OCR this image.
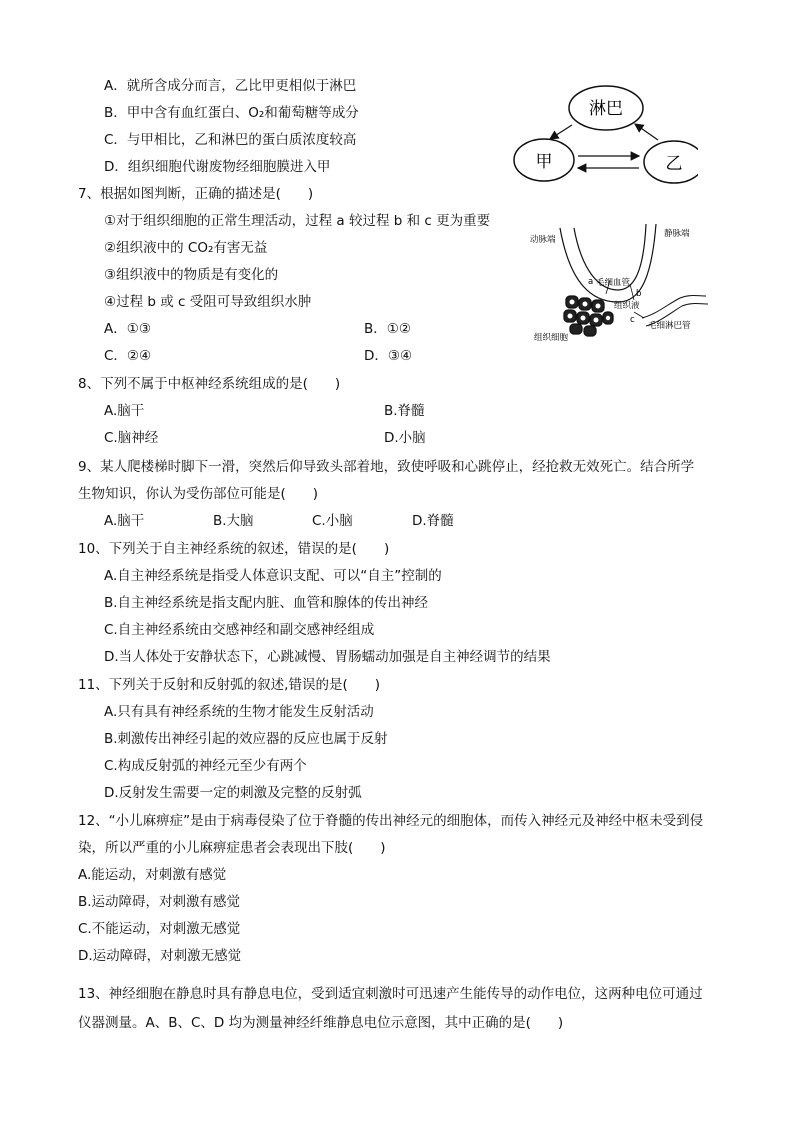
A．就所含成分而言，乙比甲更相似于淋巴
B．甲中含有血红蛋白、O₂和葡萄糖等成分
C．与甲相比，乙和淋巴的蛋白质浓度较高
D．组织细胞代谢废物经细胞膜进入甲
淋巴
甲	乙
7、根据如图判断，正确的描述是(　　)
①对于组织细胞的正常生理活动，过程 a 较过程 b 和 c 更为重要
②组织液中的 CO₂有害无益
③组织液中的物质是有变化的
④过程 b 或 c 受阻可导致组织水肿
A．①③	B．①②
C．②④	D．③④
动脉端
静脉端
a 毛细血管
b
组织液
c
毛细淋巴管
组织细胞
8、下列不属于中枢神经系统组成的是(　　)
A.脑干	B.脊髓
C.脑神经	D.小脑
9、某人爬楼梯时脚下一滑，突然后仰导致头部着地，致使呼吸和心跳停止，经抢救无效死亡。结合所学
生物知识，你认为受伤部位可能是(　　)
A.脑干	B.大脑	C.小脑	D.脊髓
10、下列关于自主神经系统的叙述，错误的是(　　)
A.自主神经系统是指受人体意识支配、可以“自主”控制的
B.自主神经系统是指支配内脏、血管和腺体的传出神经
C.自主神经系统由交感神经和副交感神经组成
D.当人体处于安静状态下，心跳减慢、胃肠蠕动加强是自主神经调节的结果
11、下列关于反射和反射弧的叙述,错误的是(　　)
A.只有具有神经系统的生物才能发生反射活动
B.刺激传出神经引起的效应器的反应也属于反射
C.构成反射弧的神经元至少有两个
D.反射发生需要一定的刺激及完整的反射弧
12、“小儿麻痹症”是由于病毒侵染了位于脊髓的传出神经元的细胞体，而传入神经元及神经中枢未受到侵
染，所以严重的小儿麻痹症患者会表现出下肢(　　)
A.能运动，对刺激有感觉
B.运动障碍，对刺激有感觉
C.不能运动，对刺激无感觉
D.运动障碍，对刺激无感觉
13、神经细胞在静息时具有静息电位，受到适宜刺激时可迅速产生能传导的动作电位，这两种电位可通过
仪器测量。A、B、C、D 均为测量神经纤维静息电位示意图，其中正确的是(　　)
